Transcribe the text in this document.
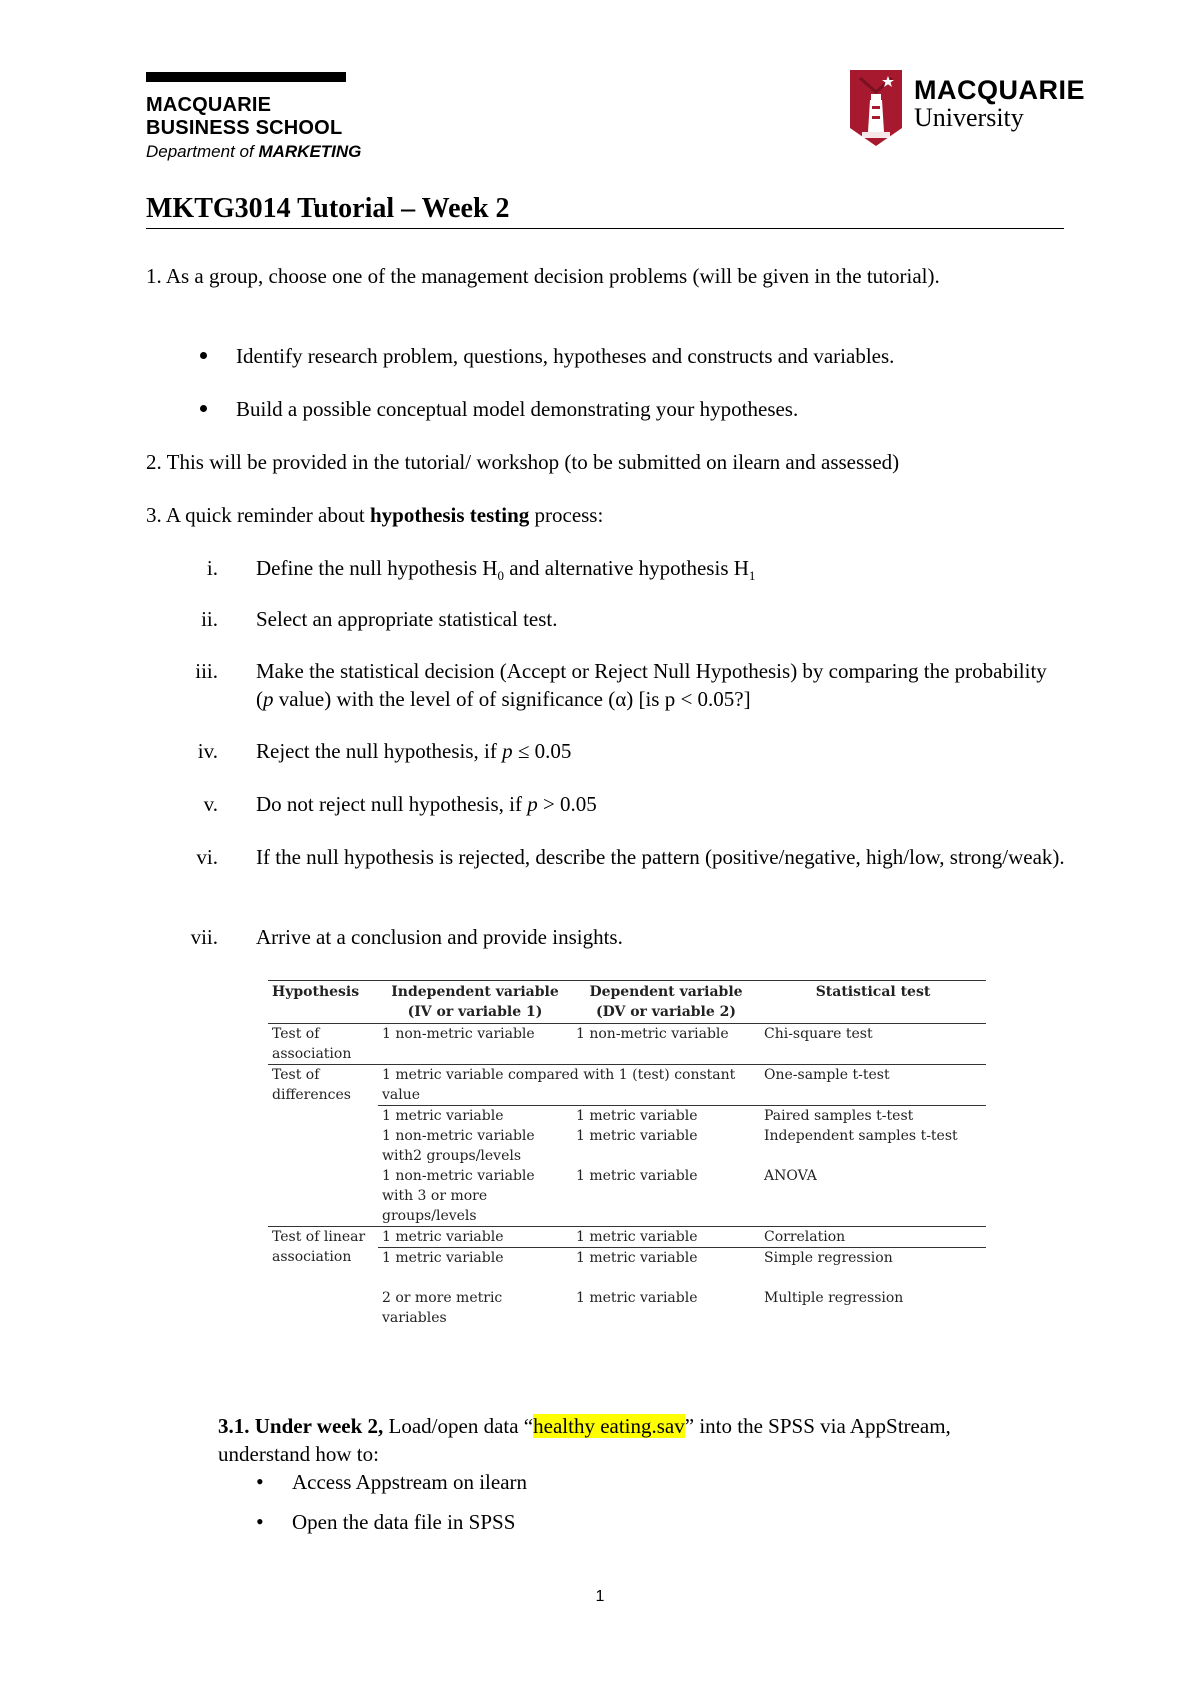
MACQUARIE
BUSINESS SCHOOL
Department of MARKETING
MACQUARIE
University
MKTG3014 Tutorial – Week 2
1. As a group, choose one of the management decision problems (will be given in the tutorial).
Identify research problem, questions, hypotheses and constructs and variables.
Build a possible conceptual model demonstrating your hypotheses.
2. This will be provided in the tutorial/ workshop (to be submitted on ilearn and assessed)
3. A quick reminder about hypothesis testing process:
i. Define the null hypothesis $H_0$ and alternative hypothesis $H_1$
ii. Select an appropriate statistical test.
iii. Make the statistical decision (Accept or Reject Null Hypothesis) by comparing the probability (p value) with the level of of significance (α) [is p < 0.05?]
iv. Reject the null hypothesis, if p ≤ 0.05
v. Do not reject null hypothesis, if p > 0.05
vi. If the null hypothesis is rejected, describe the pattern (positive/negative, high/low, strong/weak).
vii. Arrive at a conclusion and provide insights.
Hypothesis	Independent variable (IV or variable 1)	Dependent variable (DV or variable 2)	Statistical test
Test of association	1 non-metric variable	1 non-metric variable	Chi-square test
Test of differences	1 metric variable compared with 1 (test) constant value		One-sample t-test
	1 metric variable	1 metric variable	Paired samples t-test
	1 non-metric variable with2 groups/levels	1 metric variable	Independent samples t-test
	1 non-metric variable with 3 or more groups/levels	1 metric variable	ANOVA
Test of linear association	1 metric variable	1 metric variable	Correlation
	1 metric variable	1 metric variable	Simple regression
	2 or more metric variables	1 metric variable	Multiple regression
3.1. Under week 2, Load/open data “healthy eating.sav” into the SPSS via AppStream, understand how to:
• Access Appstream on ilearn
• Open the data file in SPSS
1
